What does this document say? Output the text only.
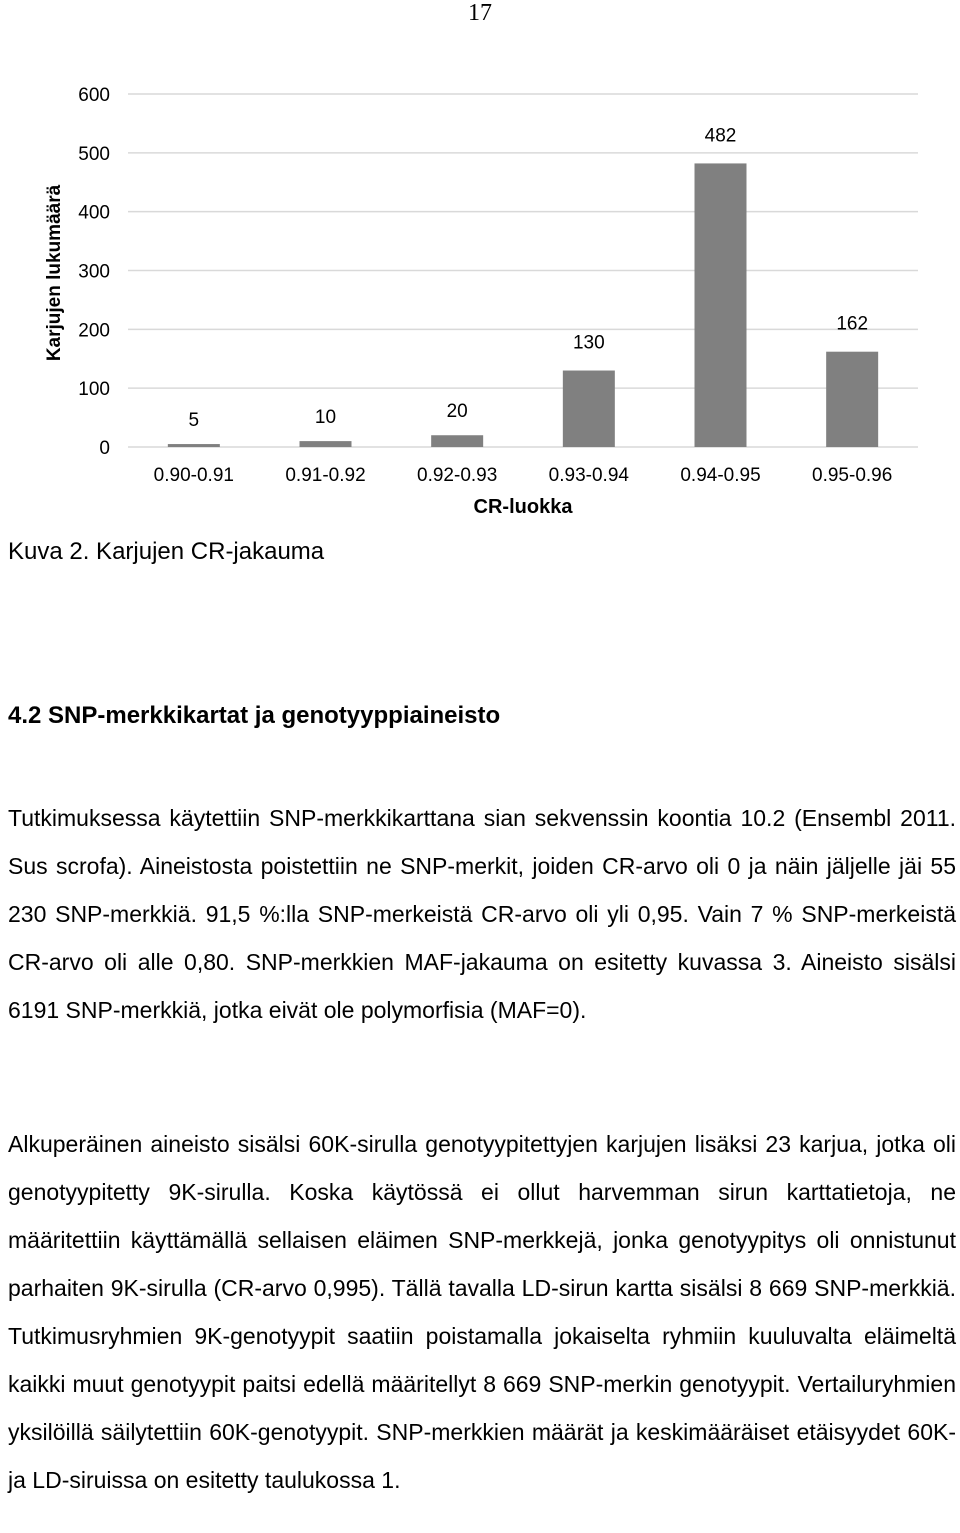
17
0
100
200
300
400
500
600
5	10	20
130
482
162
0.90-0.91	0.91-0.92	0.92-0.93	0.93-0.94	0.94-0.95	0.95-0.96
Karjujen lukumäärä
CR-luokka
Kuva 2. Karjujen CR-jakauma
4.2 SNP-merkkikartat ja genotyyppiaineisto

Tutkimuksessa käytettiin SNP-merkkikarttana sian sekvenssin koontia 10.2 (Ensembl 2011. Sus scrofa). Aineistosta poistettiin ne SNP-merkit, joiden CR-arvo oli 0 ja näin jäljelle jäi 55 230 SNP-merkkiä. 91,5 %:lla SNP-merkeistä CR-arvo oli yli 0,95. Vain 7 % SNP-merkeistä CR-arvo oli alle 0,80. SNP-merkkien MAF-jakauma on esitetty kuvassa 3. Aineisto sisälsi 6191 SNP-merkkiä, jotka eivät ole polymorfisia (MAF=0).

Alkuperäinen aineisto sisälsi 60K-sirulla genotyypitettyjen karjujen lisäksi 23 karjua, jotka oli genotyypitetty 9K-sirulla. Koska käytössä ei ollut harvemman sirun karttatietoja, ne määritettiin käyttämällä sellaisen eläimen SNP-merkkejä, jonka genotyypitys oli onnistunut parhaiten 9K-sirulla (CR-arvo 0,995). Tällä tavalla LD-sirun kartta sisälsi 8 669 SNP-merkkiä. Tutkimusryhmien 9K-genotyypit saatiin poistamalla jokaiselta ryhmiin kuuluvalta eläimeltä kaikki muut genotyypit paitsi edellä määritellyt 8 669 SNP-merkin genotyypit. Vertailuryhmien yksilöillä säilytettiin 60K-genotyypit. SNP-merkkien määrät ja keskimääräiset etäisyydet 60K- ja LD-siruissa on esitetty taulukossa 1.
